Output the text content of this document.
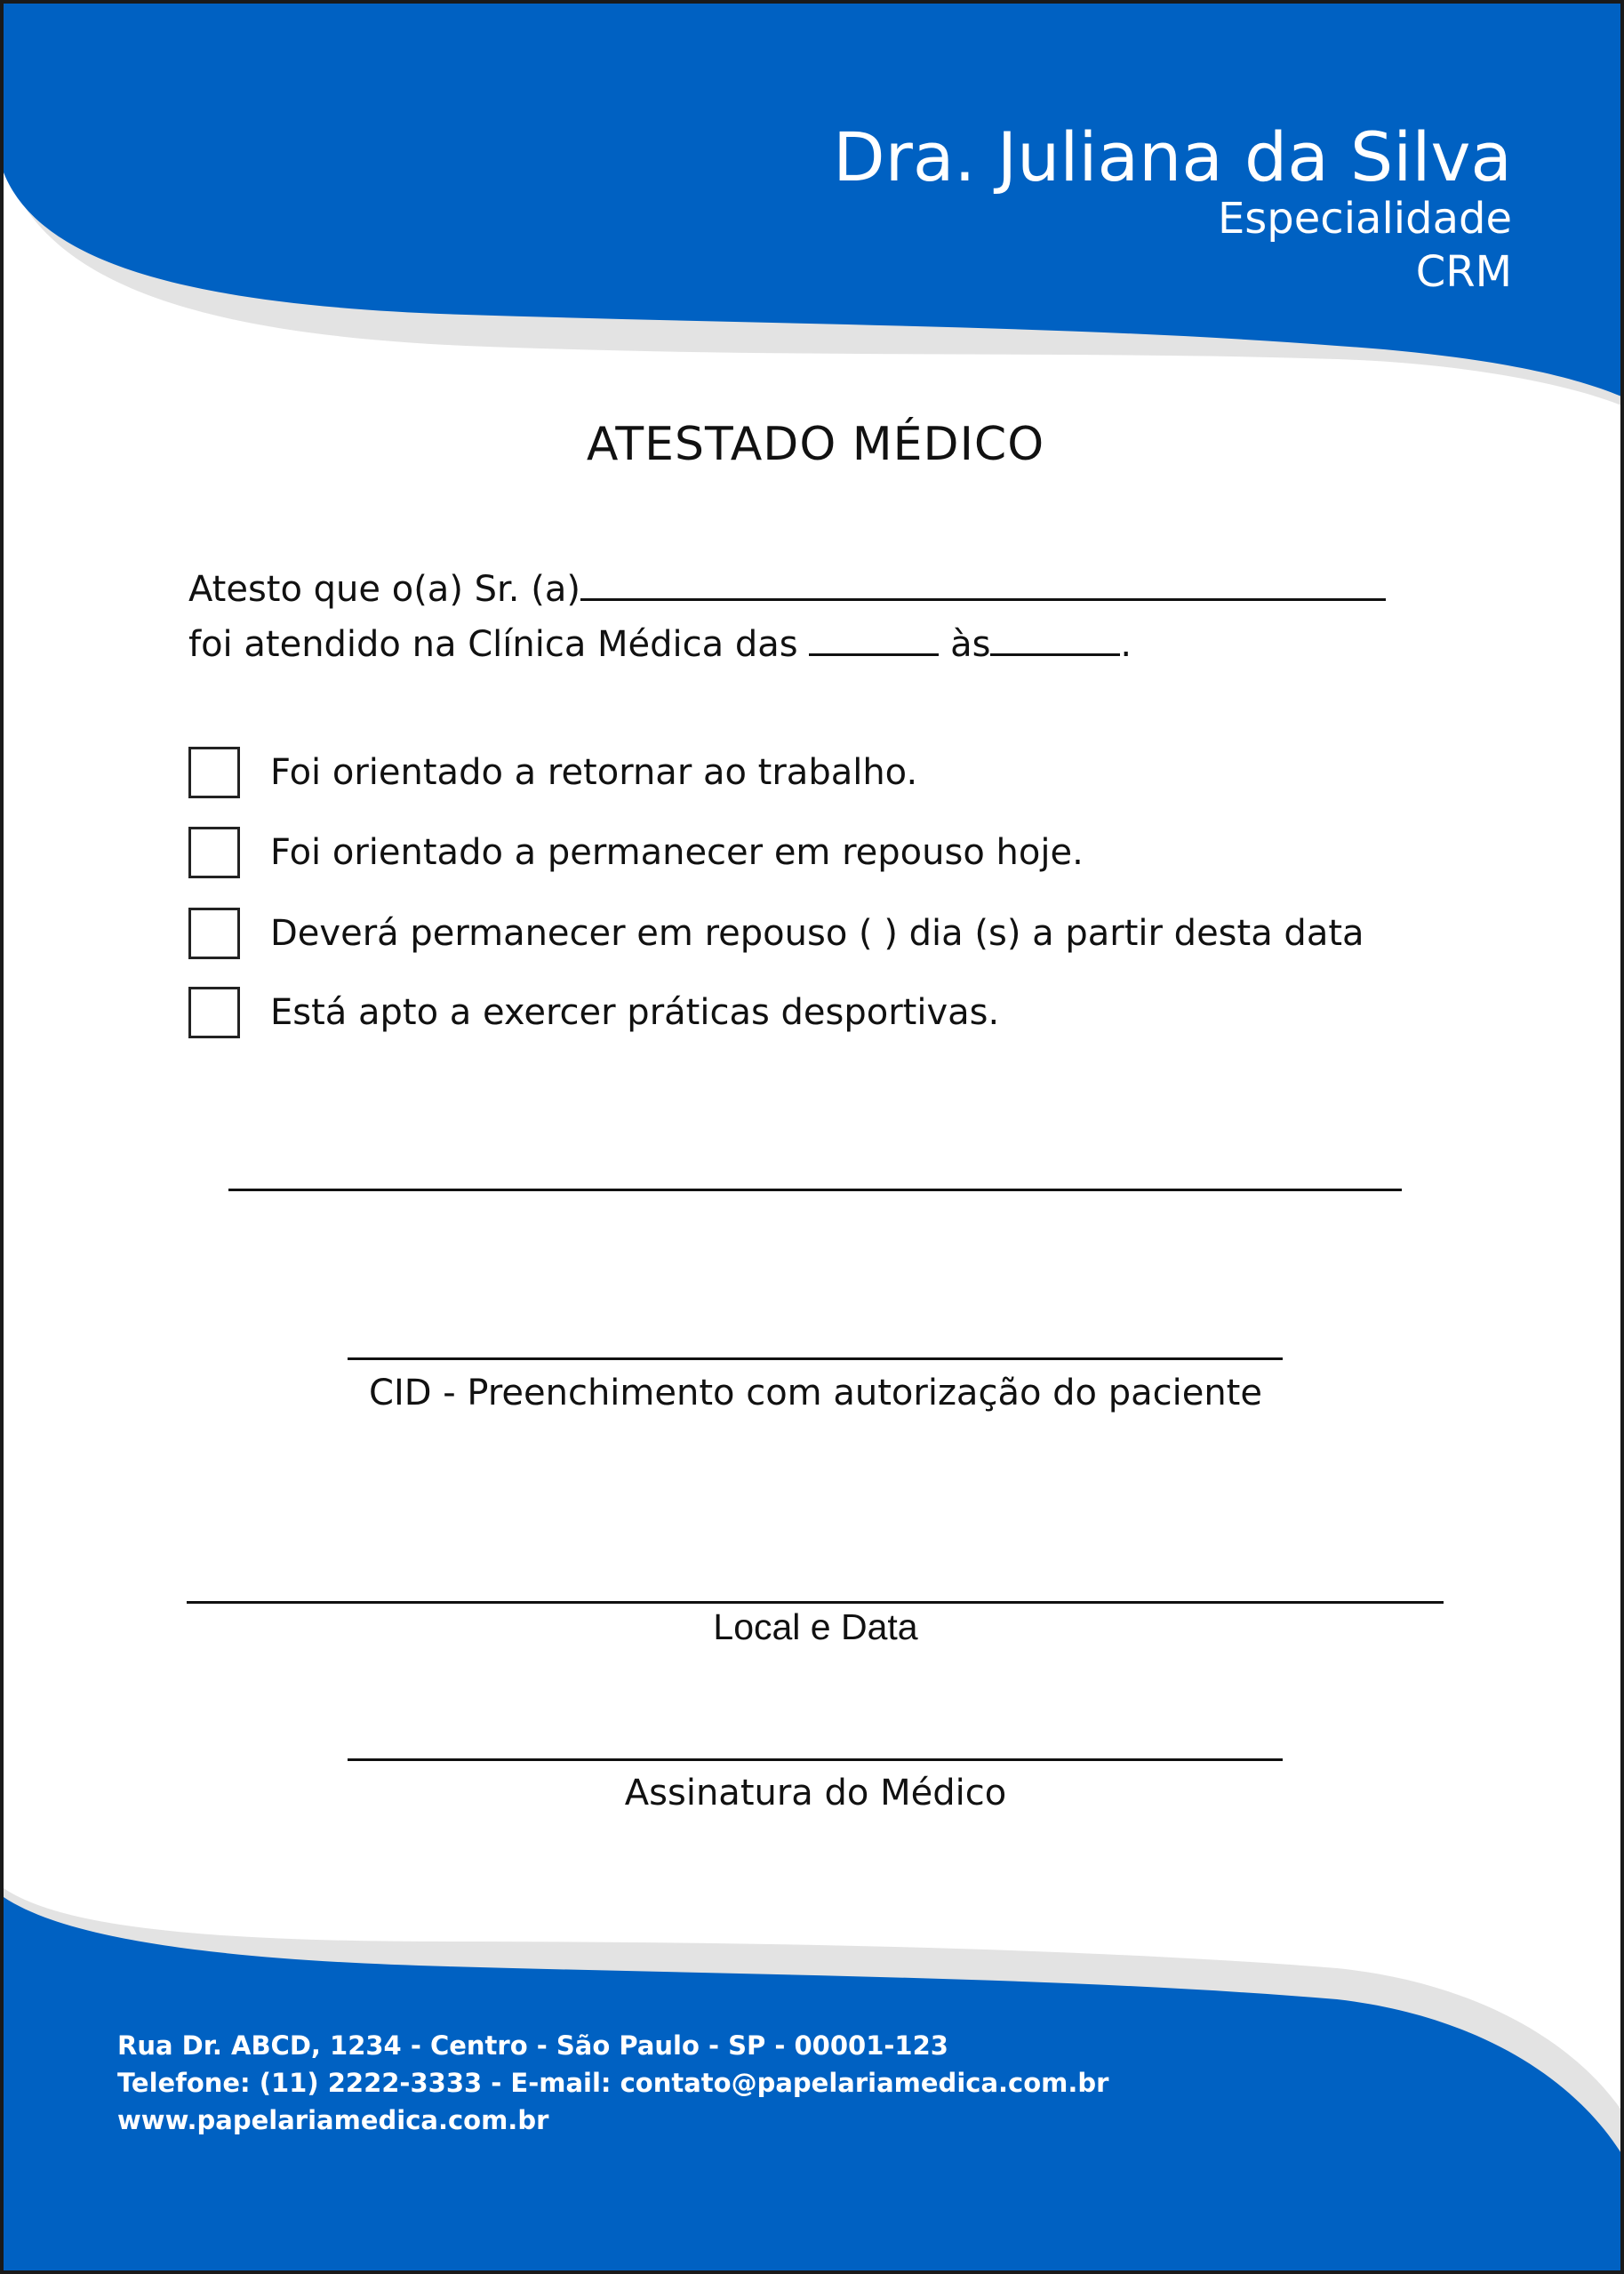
Dra. Juliana da Silva
Especialidade
CRM
ATESTADO MÉDICO
Atesto que o(a) Sr. (a)
foi atendido na Clínica Médica das	às	.
Foi orientado a retornar ao trabalho.
Foi orientado a permanecer em repouso hoje.
Deverá permanecer em repouso ( ) dia (s) a partir desta data
Está apto a exercer práticas desportivas.
CID - Preenchimento com autorização do paciente
Local e Data
Assinatura do Médico
Rua Dr. ABCD, 1234 - Centro - São Paulo - SP - 00001-123
Telefone: (11) 2222-3333 - E-mail: contato@papelariamedica.com.br
www.papelariamedica.com.br
